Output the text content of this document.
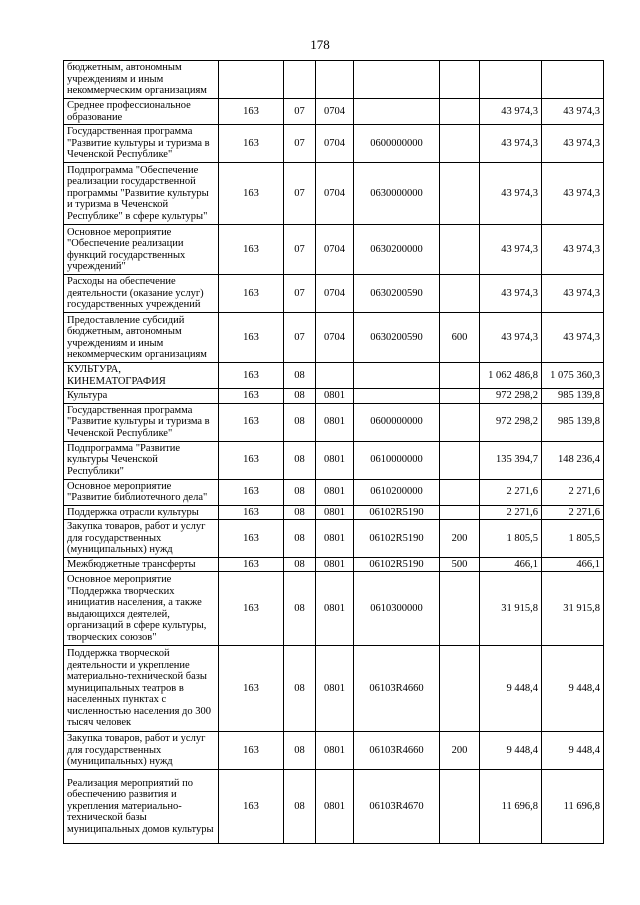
178
бюджетным, автономным учреждениям и иным некоммерческим организациям							
Среднее профессиональное образование	163	07	0704			43 974,3	43 974,3
Государственная программа "Развитие культуры и туризма в Чеченской Республике"	163	07	0704	0600000000		43 974,3	43 974,3
Подпрограмма "Обеспечение реализации государственной программы "Развитие культуры и туризма в Чеченской Республике" в сфере культуры"	163	07	0704	0630000000		43 974,3	43 974,3
Основное мероприятие "Обеспечение реализации функций государственных учреждений"	163	07	0704	0630200000		43 974,3	43 974,3
Расходы на обеспечение деятельности (оказание услуг) государственных учреждений	163	07	0704	0630200590		43 974,3	43 974,3
Предоставление субсидий бюджетным, автономным учреждениям и иным некоммерческим организациям	163	07	0704	0630200590	600	43 974,3	43 974,3
КУЛЬТУРА, КИНЕМАТОГРАФИЯ	163	08				1 062 486,8	1 075 360,3
Культура	163	08	0801			972 298,2	985 139,8
Государственная программа "Развитие культуры и туризма в Чеченской Республике"	163	08	0801	0600000000		972 298,2	985 139,8
Подпрограмма "Развитие культуры Чеченской Республики"	163	08	0801	0610000000		135 394,7	148 236,4
Основное мероприятие "Развитие библиотечного дела"	163	08	0801	0610200000		2 271,6	2 271,6
Поддержка отрасли культуры	163	08	0801	06102R5190		2 271,6	2 271,6
Закупка товаров, работ и услуг для государственных (муниципальных) нужд	163	08	0801	06102R5190	200	1 805,5	1 805,5
Межбюджетные трансферты	163	08	0801	06102R5190	500	466,1	466,1
Основное мероприятие "Поддержка творческих инициатив населения, а также выдающихся деятелей, организаций в сфере культуры, творческих союзов"	163	08	0801	0610300000		31 915,8	31 915,8
Поддержка творческой деятельности и укрепление материально-технической базы муниципальных театров в населенных пунктах с численностью населения до 300 тысяч человек	163	08	0801	06103R4660		9 448,4	9 448,4
Закупка товаров, работ и услуг для государственных (муниципальных) нужд	163	08	0801	06103R4660	200	9 448,4	9 448,4
Реализация мероприятий по обеспечению развития и укрепления материально-технической базы муниципальных домов культуры	163	08	0801	06103R4670		11 696,8	11 696,8
